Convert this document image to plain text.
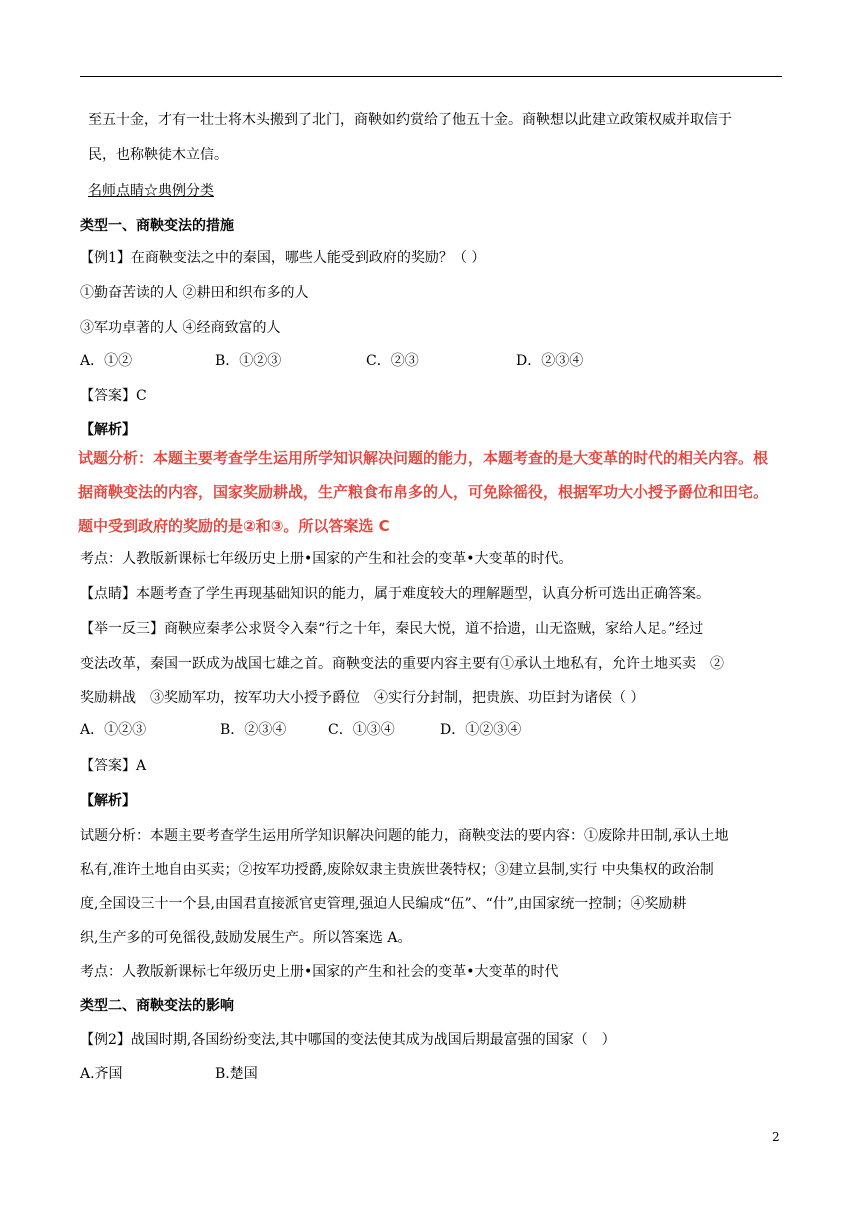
至五十金，才有一壮士将木头搬到了北门，商鞅如约赏给了他五十金。商鞅想以此建立政策权威并取信于
民，也称鞅徒木立信。
名师点睛☆典例分类
类型一、商鞅变法的措施
【例1】在商鞅变法之中的秦国，哪些人能受到政府的奖励？（ ）
①勤奋苦读的人 ②耕田和织布多的人
③军功卓著的人 ④经商致富的人
A．①②	B．①②③	C．②③	D．②③④
【答案】C
【解析】
试题分析：本题主要考查学生运用所学知识解决问题的能力，本题考查的是大变革的时代的相关内容。根
据商鞅变法的内容，国家奖励耕战，生产粮食布帛多的人，可免除徭役，根据军功大小授予爵位和田宅。
题中受到政府的奖励的是②和③。所以答案选 C
考点：人教版新课标七年级历史上册•国家的产生和社会的变革•大变革的时代。
【点睛】本题考查了学生再现基础知识的能力，属于难度较大的理解题型，认真分析可选出正确答案。
【举一反三】商鞅应秦孝公求贤令入秦“行之十年，秦民大悦，道不拾遗，山无盗贼，家给人足。”经过
变法改革，秦国一跃成为战国七雄之首。商鞅变法的重要内容主要有①承认土地私有，允许土地买卖　②
奖励耕战　③奖励军功，按军功大小授予爵位　④实行分封制，把贵族、功臣封为诸侯（ ）
A．①②③	B．②③④	C．①③④	D．①②③④
【答案】A
【解析】
试题分析：本题主要考查学生运用所学知识解决问题的能力，商鞅变法的要内容：①废除井田制,承认土地
私有,准许土地自由买卖；②按军功授爵,废除奴隶主贵族世袭特权；③建立县制,实行 中央集权的政治制
度,全国设三十一个县,由国君直接派官吏管理,强迫人民编成“伍”、“什”,由国家统一控制；④奖励耕
织,生产多的可免徭役,鼓励发展生产。所以答案选 A。
考点：人教版新课标七年级历史上册•国家的产生和社会的变革•大变革的时代
类型二、商鞅变法的影响
【例2】战国时期,各国纷纷变法,其中哪国的变法使其成为战国后期最富强的国家（　）
A.齐国	B.楚国
2
